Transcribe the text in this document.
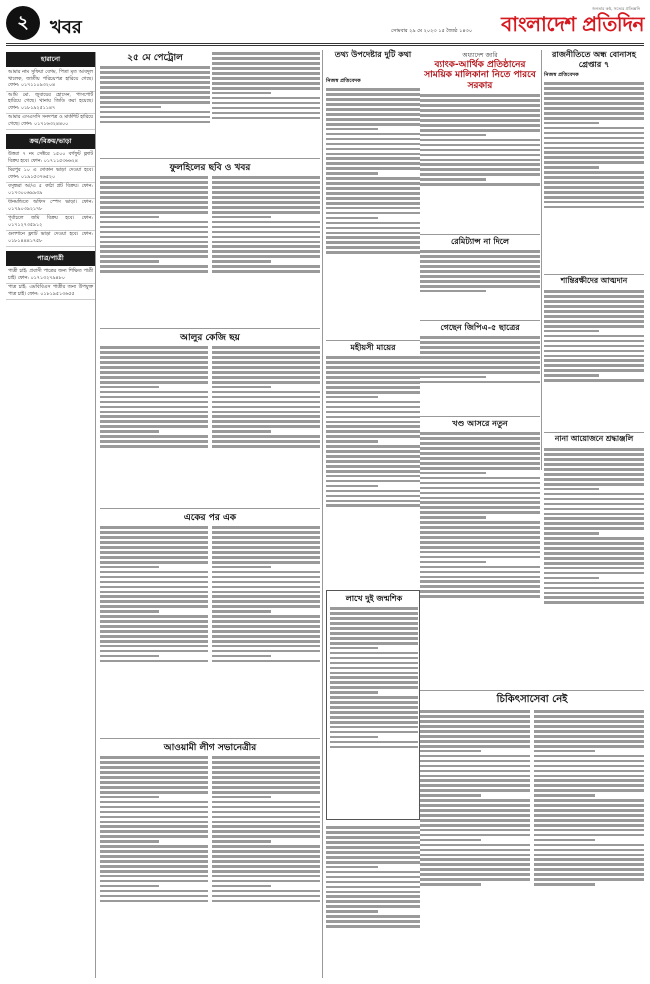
২	খবর	সোমবার ২৯ মে ২০২৩ ১৫ জ্যৈষ্ঠ ১৪৩০
জনতার কণ্ঠ, সত্যের প্রতিধ্বনি
বাংলাদেশ প্রতিদিন
হারানো
আমার নাম সুফিয়া বেগম, পিতা মৃত আবদুল খালেক, জাতীয় পরিচয়পত্র হারিয়ে গেছে। ফোন: ০১৭১১০৯৩২০৪
আমি মো. জুবায়ের হোসেন, পাসপোর্ট হারিয়ে গেছে। থানায় জিডি করা হয়েছে। ফোন: ০১৮১৯২৫১১৪৭
আমার এসএসসি সনদপত্র ও মার্কশিট হারিয়ে গেছে। ফোন: ০১৭১৬৩২৪৪০০
ক্রয়/বিক্রয়/ভাড়া
উত্তরা ৭ নং সেক্টরে ১৫০০ বর্গফুট ফ্ল্যাট বিক্রয় হবে। ফোন: ০১৭১১৫৩৬৬২৪
মিরপুর ১০ এ দোকান ভাড়া দেওয়া হবে। ফোন: ০১৯১৫৩৭৬৫২০
বসুন্ধরা আ/এ ৫ কাঠা প্লট বিক্রয়। ফোন: ০১৭৩০০৬৯৯৩৯
ধানমন্ডিতে অফিস স্পেস ভাড়া। ফোন: ০১৭৯০৩৯২১৭৮
পূর্বাচলে জমি বিক্রয় হবে। ফোন: ০১৭১২৭৩৫৯১২
গুলশানে ফ্ল্যাট ভাড়া দেওয়া হবে। ফোন: ০১৮১৪৪৪১৭৫৮
পাত্র/পাত্রী
পাত্রী চাই: প্রবাসী পাত্রের জন্য শিক্ষিত পাত্রী চাই। ফোন: ০১৭১৩২৭৯৪৮০
পাত্র চাই: এমবিবিএস পাত্রীর জন্য উপযুক্ত পাত্র চাই। ফোন: ০১৮১৯৫১৩৬৫৫
২৫ মে পেট্রোল
ফুলহিলের ছবি ও খবর
আলুর কেজি ছয়
একের পর এক
আওয়ামী লীগ সভানেত্রীর
তথ্য উপদেষ্টার দুটি কথা
নিজস্ব প্রতিবেদক
অধ্যাদেশ জারি
ব্যাংক-আর্থিক প্রতিষ্ঠানের সাময়িক মালিকানা নিতে পারবে সরকার
রাজনীতিতে অন্ধ বোনাসহ গ্রেপ্তার ৭
নিজস্ব প্রতিবেদক
রেমিট্যান্স না দিলে
গেছেন জিপিএ-৫ ছাত্রের
মহীয়সী মায়ের
খণ্ড আসরে নতুন
শান্তিরক্ষীদের আত্মদান
নানা আয়োজনে শ্রদ্ধাঞ্জলি
লাখে দুই জন্মশিক
চিকিৎসাসেবা নেই
